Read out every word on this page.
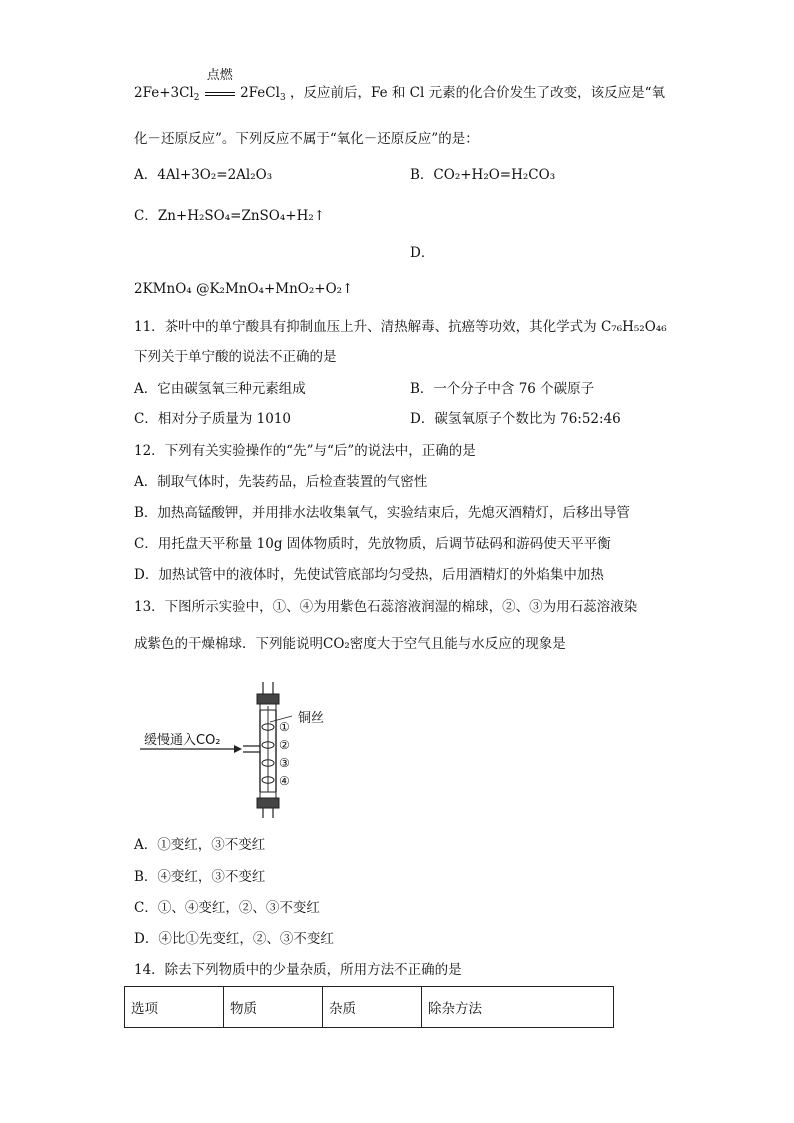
$2Fe+3Cl_2$
点燃
2FeCl$_3$ ，反应前后，Fe 和 Cl 元素的化合价发生了改变，该反应是“氧
化－还原反应”。下列反应不属于“氧化－还原反应”的是：
A．4Al+3O₂=2Al₂O₃	B．CO₂+H₂O=H₂CO₃
C．Zn+H₂SO₄=ZnSO₄+H₂↑
D．
2KMnO₄ @K₂MnO₄+MnO₂+O₂↑
11．茶叶中的单宁酸具有抑制血压上升、清热解毒、抗癌等功效，其化学式为 C₇₆H₅₂O₄₆
下列关于单宁酸的说法不正确的是
A．它由碳氢氧三种元素组成	B．一个分子中含 76 个碳原子
C．相对分子质量为 1010	D．碳氢氧原子个数比为 76:52:46
12．下列有关实验操作的“先”与“后”的说法中，正确的是
A．制取气体时，先装药品，后检查装置的气密性
B．加热高锰酸钾，并用排水法收集氧气，实验结束后，先熄灭酒精灯，后移出导管
C．用托盘天平称量 10g 固体物质时，先放物质，后调节砝码和游码使天平平衡
D．加热试管中的液体时，先使试管底部均匀受热，后用酒精灯的外焰集中加热
13．下图所示实验中，①、④为用紫色石蕊溶液润湿的棉球，②、③为用石蕊溶液染
成紫色的干燥棉球．下列能说明CO₂密度大于空气且能与水反应的现象是
缓慢通入CO₂
铜丝
①
②
③
④
A．①变红，③不变红
B．④变红，③不变红
C．①、④变红，②、③不变红
D．④比①先变红，②、③不变红
14．除去下列物质中的少量杂质，所用方法不正确的是
选项	物质	杂质	除杂方法
